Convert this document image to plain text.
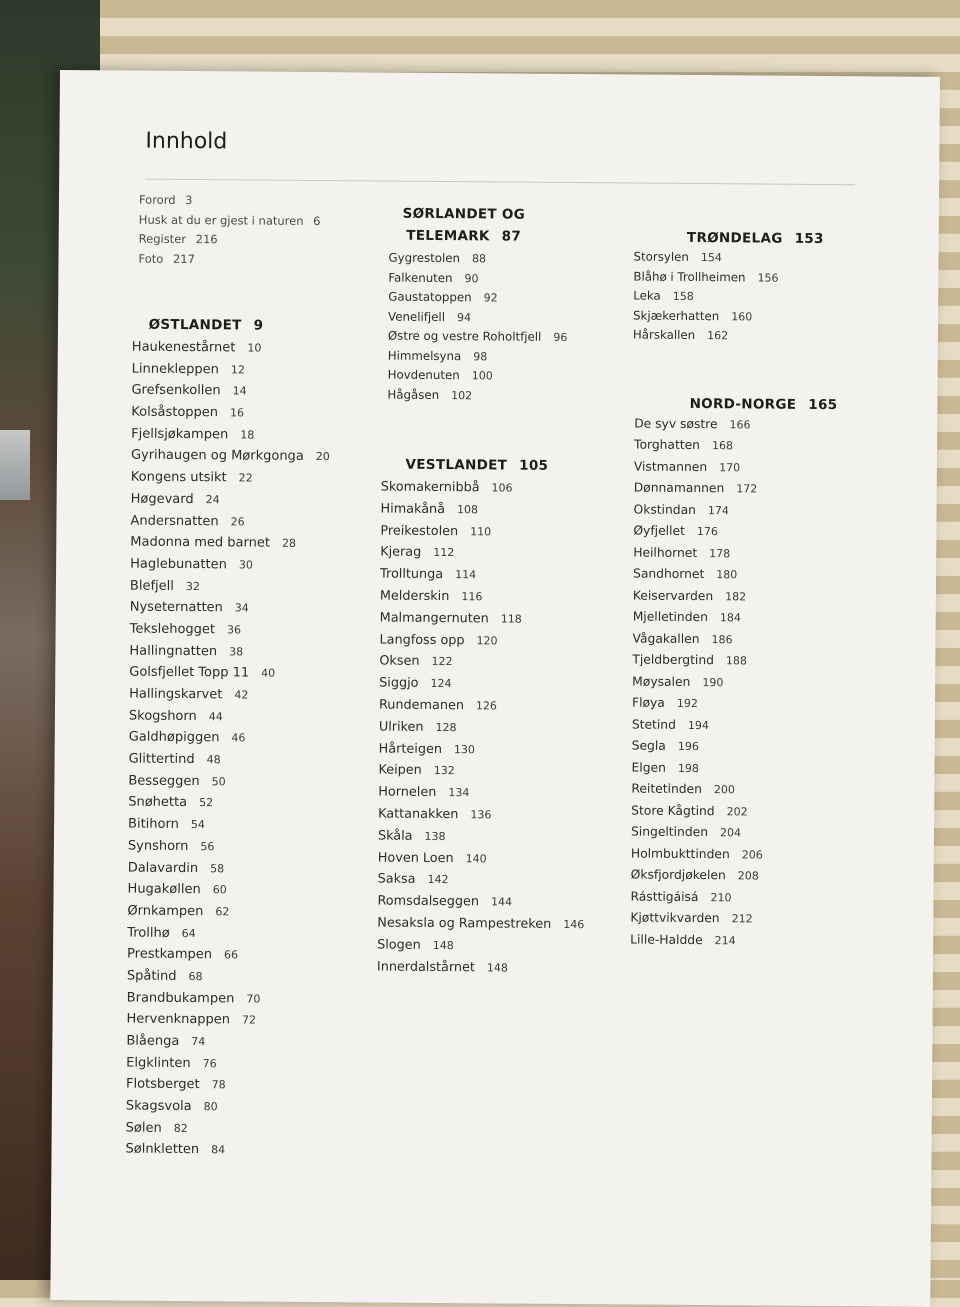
Innhold
Forord 3
Husk at du er gjest i naturen 6
Register 216
Foto 217
ØSTLANDET 9
Haukenestårnet 10
Linnekleppen 12
Grefsenkollen 14
Kolsåstoppen 16
Fjellsjøkampen 18
Gyrihaugen og Mørkgonga 20
Kongens utsikt 22
Høgevard 24
Andersnatten 26
Madonna med barnet 28
Haglebunatten 30
Blefjell 32
Nyseternatten 34
Tekslehogget 36
Hallingnatten 38
Golsfjellet Topp 11 40
Hallingskarvet 42
Skogshorn 44
Galdhøpiggen 46
Glittertind 48
Besseggen 50
Snøhetta 52
Bitihorn 54
Synshorn 56
Dalavardin 58
Hugakøllen 60
Ørnkampen 62
Trollhø 64
Prestkampen 66
Spåtind 68
Brandbukampen 70
Hervenknappen 72
Blåenga 74
Elgklinten 76
Flotsberget 78
Skagsvola 80
Sølen 82
Sølnkletten 84
SØRLANDET OG
TELEMARK 87
Gygrestolen 88
Falkenuten 90
Gaustatoppen 92
Venelifjell 94
Østre og vestre Roholtfjell 96
Himmelsyna 98
Hovdenuten 100
Hågåsen 102
VESTLANDET 105
Skomakernibbå 106
Himakånå 108
Preikestolen 110
Kjerag 112
Trolltunga 114
Melderskin 116
Malmangernuten 118
Langfoss opp 120
Oksen 122
Siggjo 124
Rundemanen 126
Ulriken 128
Hårteigen 130
Keipen 132
Hornelen 134
Kattanakken 136
Skåla 138
Hoven Loen 140
Saksa 142
Romsdalseggen 144
Nesaksla og Rampestreken 146
Slogen 148
Innerdalstårnet 148
TRØNDELAG 153
Storsylen 154
Blåhø i Trollheimen 156
Leka 158
Skjækerhatten 160
Hårskallen 162
NORD-NORGE 165
De syv søstre 166
Torghatten 168
Vistmannen 170
Dønnamannen 172
Okstindan 174
Øyfjellet 176
Heilhornet 178
Sandhornet 180
Keiservarden 182
Mjelletinden 184
Vågakallen 186
Tjeldbergtind 188
Møysalen 190
Fløya 192
Stetind 194
Segla 196
Elgen 198
Reitetinden 200
Store Kågtind 202
Singeltinden 204
Holmbukttinden 206
Øksfjordjøkelen 208
Rásttigáisá 210
Kjøttvikvarden 212
Lille-Haldde 214
